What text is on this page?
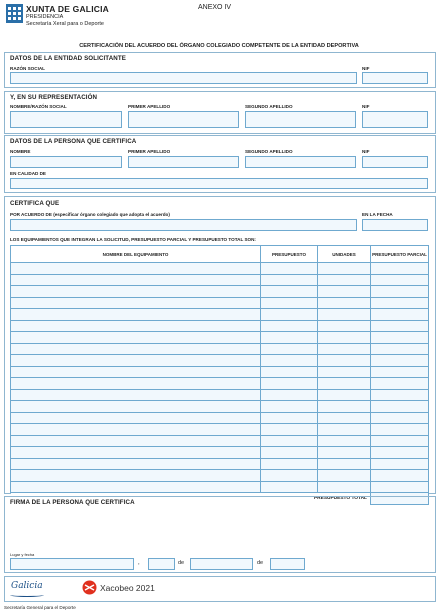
XUNTA DE GALICIA
PRESIDENCIA
Secretaría Xeral para o Deporte
ANEXO IV
CERTIFICACIÓN DEL ACUERDO DEL ÓRGANO COLEGIADO COMPETENTE DE LA ENTIDAD DEPORTIVA
DATOS DE LA ENTIDAD SOLICITANTE
RAZÓN SOCIAL	NIF
Y, EN SU REPRESENTACIÓN
NOMBRE/RAZÓN SOCIAL	PRIMER APELLIDO	SEGUNDO APELLIDO	NIF
DATOS DE LA PERSONA QUE CERTIFICA
NOMBRE	PRIMER APELLIDO	SEGUNDO APELLIDO	NIF
EN CALIDAD DE
CERTIFICA QUE
POR ACUERDO DE (especificar órgano colegiado que adopta el acuerdo)	EN LA FECHA
LOS EQUIPAMIENTOS QUE INTEGRAN LA SOLICITUD, PRESUPUESTO PARCIAL Y PRESUPUESTO TOTAL SON:
NOMBRE DEL EQUIPAMIENTO	PRESUPUESTO	UNIDADES	PRESUPUESTO PARCIAL

PRESUPUESTO TOTAL			
FIRMA DE LA PERSONA QUE CERTIFICA
Lugar y fecha
,	de	de
Galicia	Xacobeo 2021
Secretaría General para el Deporte
